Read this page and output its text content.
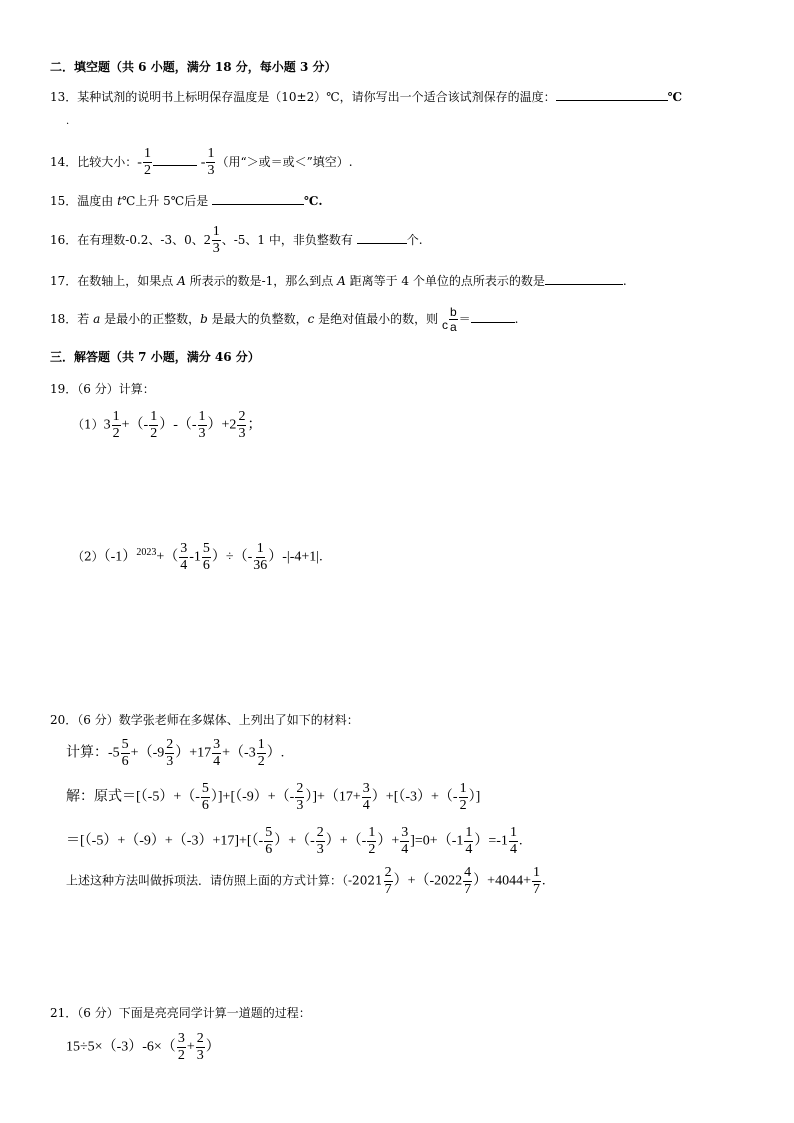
二．填空题（共 6 小题，满分 18 分，每小题 3 分）
13．某种试剂的说明书上标明保存温度是（10±2）℃，请你写出一个适合该试剂保存的温度：	℃
.
14．比较大小：- $\frac{1}{2}$	- $\frac{1}{3}$ （用“＞或＝或＜”填空）.
15．温度由 t℃上升 5℃后是	℃.
16．在有理数-0.2、-3、0、$2 \frac{1}{3}$ 、-5、1 中，非负整数有	个.
17．在数轴上，如果点 A 所表示的数是-1，那么到点 A 距离等于 4 个单位的点所表示的数是	.
18．若 a 是最小的正整数，b 是最大的负整数，c 是绝对值最小的数，则 c $\frac{b}{a}$ ＝	.
三．解答题（共 7 小题，满分 46 分）
19．（6 分）计算：
$(1)3 \frac{1}{2}$ +（- $\frac{1}{2}$ ）-（- $\frac{1}{3} )+2 \frac{2}{3}$ ；
$(2)(-1)^{2023}+( \frac{3}{4} -1 \frac{5}{6}$ ）÷（- $\frac{1}{36} )-|-4+1|$.
20．（6 分）数学张老师在多媒体、上列出了如下的材料：
计算：$-5 \frac{5}{6} +(-9 \frac{2}{3} )+17 \frac{3}{4} +(-3 \frac{1}{2}$ ）.
解：原式$=[(-5)+(- \frac{5}{6} )]+[(-9)+(- \frac{2}{3} )]+(17+ \frac{3}{4} )+[(-3)+(- \frac{1}{2}$ ）]
$=[(-5)+(-9)+(-3)+17]+[(- \frac{5}{6}$ ）+（- $\frac{2}{3}$ ）+（- $\frac{1}{2}$ ）+ $\frac{3}{4} ]=0+(-1 \frac{1}{4} )=-1 \frac{1}{4}$ .
上述这种方法叫做拆项法．请仿照上面的方式计算：$(-2021 \frac{2}{7} )+(-2022 \frac{4}{7} )+4044+ \frac{1}{7}$ .
21．（6 分）下面是亮亮同学计算一道题的过程：
$15\div 5\times(-3)-6\times( \frac{3}{2} + \frac{2}{3}$ ）
